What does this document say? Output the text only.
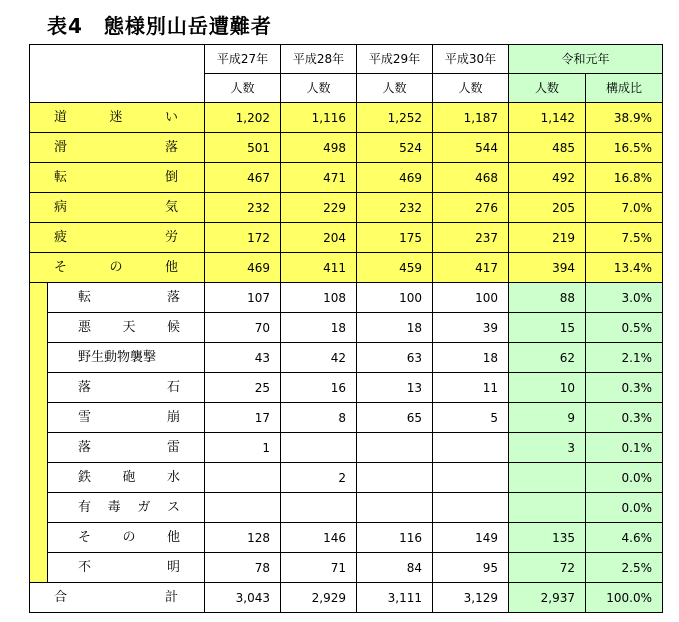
表4　態様別山岳遭難者
		平成27年	平成28年	平成29年	平成30年	令和元年	
		人数	人数	人数	人数	人数	構成比

道 迷 い		1,202	1,116	1,252	1,187	1,142	38.9%

滑 落		501	498	524	544	485	16.5%

転 倒		467	471	469	468	492	16.8%

病 気		232	229	232	276	205	7.0%

疲 労		172	204	175	237	219	7.5%

そ の 他		469	411	459	417	394	13.4%

	転 落	107	108	100	100	88	3.0%

	悪 天 候	70	18	18	39	15	0.5%

	野生動物襲撃	43	42	63	18	62	2.1%

	落 石	25	16	13	11	10	0.3%

	雪 崩	17	8	65	5	9	0.3%

	落 雷	1				3	0.1%

	鉄 砲 水		2				0.0%

	有 毒 ガ ス						0.0%

	そ の 他	128	146	116	149	135	4.6%

	不 明	78	71	84	95	72	2.5%

合 計		3,043	2,929	3,111	3,129	2,937	100.0%
